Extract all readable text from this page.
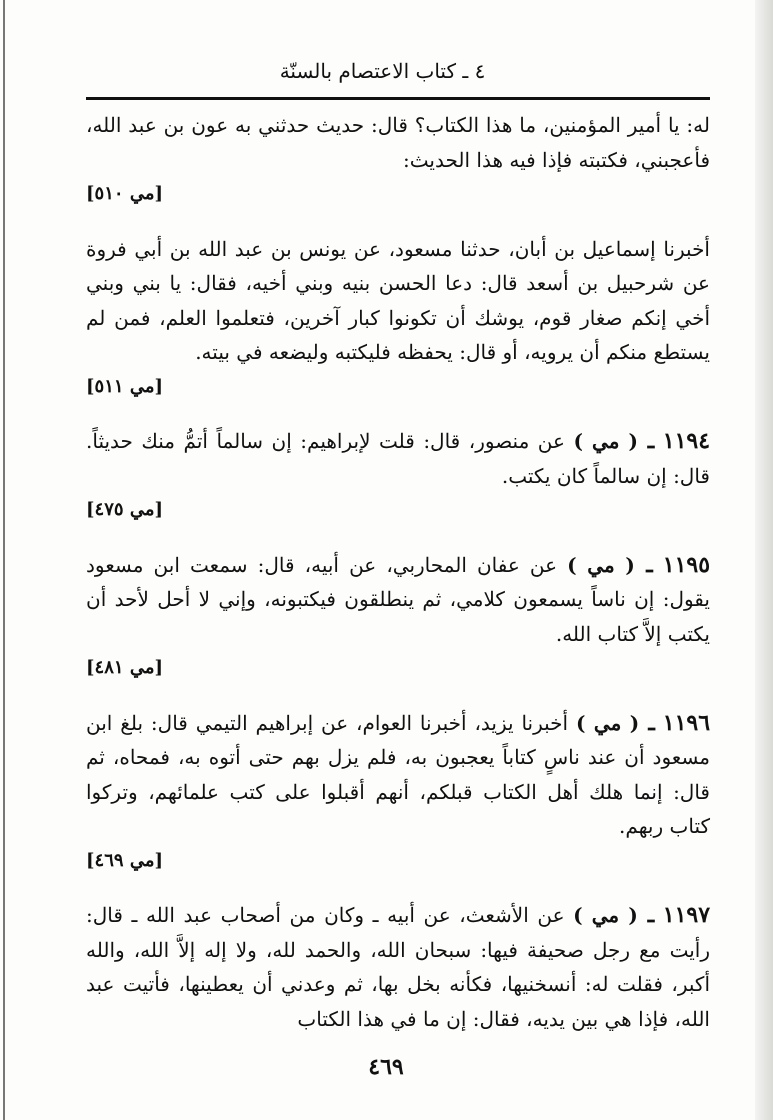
٤ ـ كتاب الاعتصام بالسنّة

له: يا أمير المؤمنين، ما هذا الكتاب؟ قال: حديث حدثني به عون بن عبد الله، فأعجبني، فكتبته فإذا فيه هذا الحديث:

[مي ٥١٠]

أخبرنا إسماعيل بن أبان، حدثنا مسعود، عن يونس بن عبد الله بن أبي فروة عن شرحبيل بن أسعد قال: دعا الحسن بنيه وبني أخيه، فقال: يا بني وبني أخي إنكم صغار قوم، يوشك أن تكونوا كبار آخرين، فتعلموا العلم، فمن لم يستطع منكم أن يرويه، أو قال: يحفظه فليكتبه وليضعه في بيته.

[مي ٥١١]

١١٩٤ ـ ( مي ) عن منصور، قال: قلت لإبراهيم: إن سالماً أتمُّ منك حديثاً. قال: إن سالماً كان يكتب.

[مي ٤٧٥]

١١٩٥ ـ ( مي ) عن عفان المحاربي، عن أبيه، قال: سمعت ابن مسعود يقول: إن ناساً يسمعون كلامي، ثم ينطلقون فيكتبونه، وإني لا أحل لأحد أن يكتب إلاَّ كتاب الله.

[مي ٤٨١]

١١٩٦ ـ ( مي ) أخبرنا يزيد، أخبرنا العوام، عن إبراهيم التيمي قال: بلغ ابن مسعود أن عند ناسٍ كتاباً يعجبون به، فلم يزل بهم حتى أتوه به، فمحاه، ثم قال: إنما هلك أهل الكتاب قبلكم، أنهم أقبلوا على كتب علمائهم، وتركوا كتاب ربهم.

[مي ٤٦٩]

١١٩٧ ـ ( مي ) عن الأشعث، عن أبيه ـ وكان من أصحاب عبد الله ـ قال: رأيت مع رجل صحيفة فيها: سبحان الله، والحمد لله، ولا إله إلاَّ الله، والله أكبر، فقلت له: أنسخنيها، فكأنه بخل بها، ثم وعدني أن يعطينها، فأتيت عبد الله، فإذا هي بين يديه، فقال: إن ما في هذا الكتاب

٤٦٩
